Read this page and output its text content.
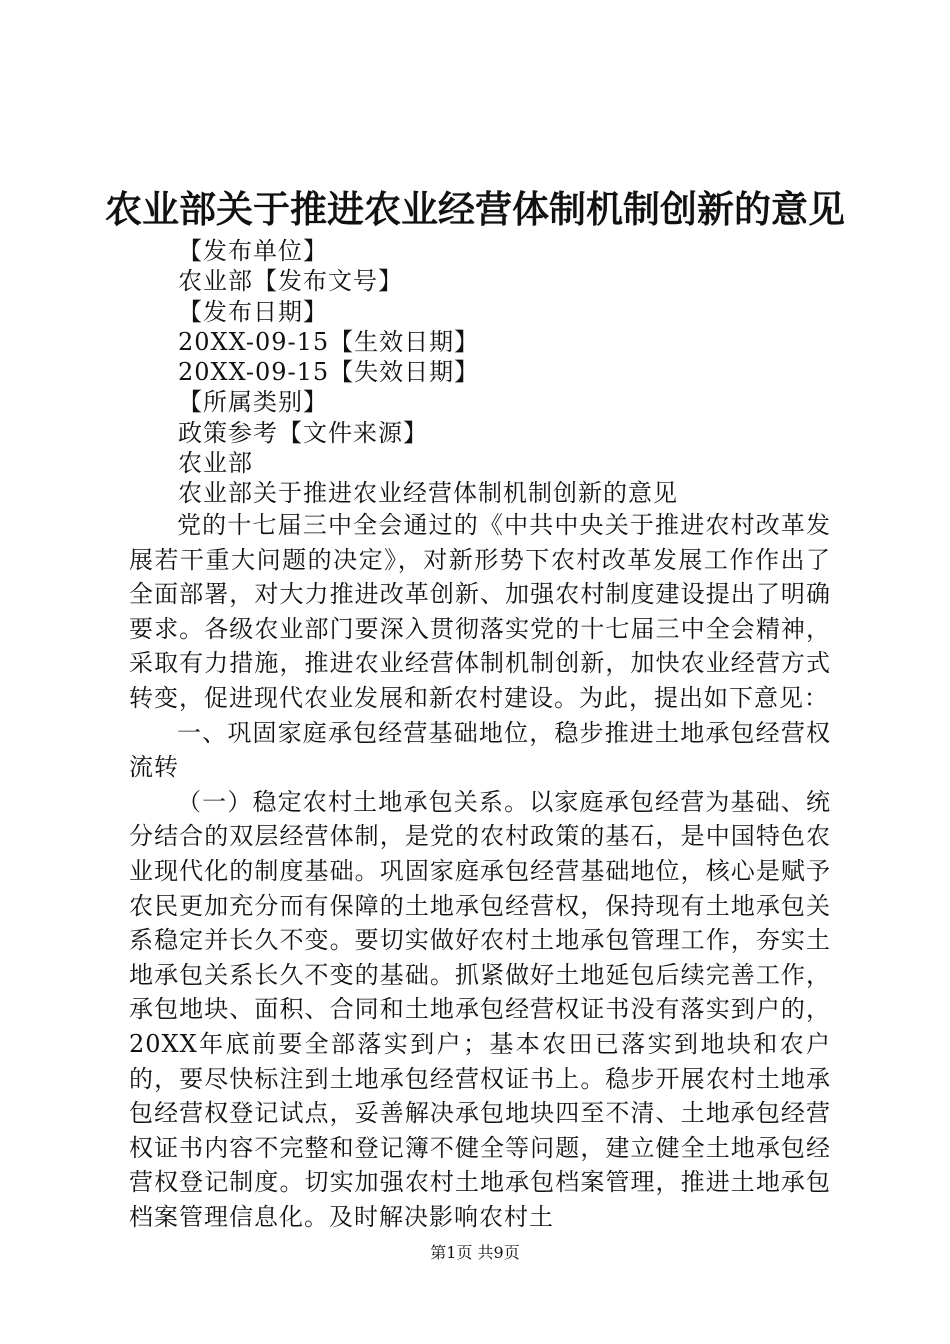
农业部关于推进农业经营体制机制创新的意见
【发布单位】
农业部【发布文号】
【发布日期】
20XX-09-15【生效日期】
20XX-09-15【失效日期】
【所属类别】
政策参考【文件来源】
农业部
农业部关于推进农业经营体制机制创新的意见

党的十七届三中全会通过的《中共中央关于推进农村改革发展若干重大问题的决定》，对新形势下农村改革发展工作作出了全面部署，对大力推进改革创新、加强农村制度建设提出了明确要求。各级农业部门要深入贯彻落实党的十七届三中全会精神，采取有力措施，推进农业经营体制机制创新，加快农业经营方式转变，促进现代农业发展和新农村建设。为此，提出如下意见：

一、巩固家庭承包经营基础地位，稳步推进土地承包经营权流转

（一）稳定农村土地承包关系。以家庭承包经营为基础、统分结合的双层经营体制，是党的农村政策的基石，是中国特色农业现代化的制度基础。巩固家庭承包经营基础地位，核心是赋予农民更加充分而有保障的土地承包经营权，保持现有土地承包关系稳定并长久不变。要切实做好农村土地承包管理工作，夯实土地承包关系长久不变的基础。抓紧做好土地延包后续完善工作，承包地块、面积、合同和土地承包经营权证书没有落实到户的，20XX年底前要全部落实到户；基本农田已落实到地块和农户的，要尽快标注到土地承包经营权证书上。稳步开展农村土地承包经营权登记试点，妥善解决承包地块四至不清、土地承包经营权证书内容不完整和登记簿不健全等问题，建立健全土地承包经营权登记制度。切实加强农村土地承包档案管理，推进土地承包档案管理信息化。及时解决影响农村土

第1页 共9页
